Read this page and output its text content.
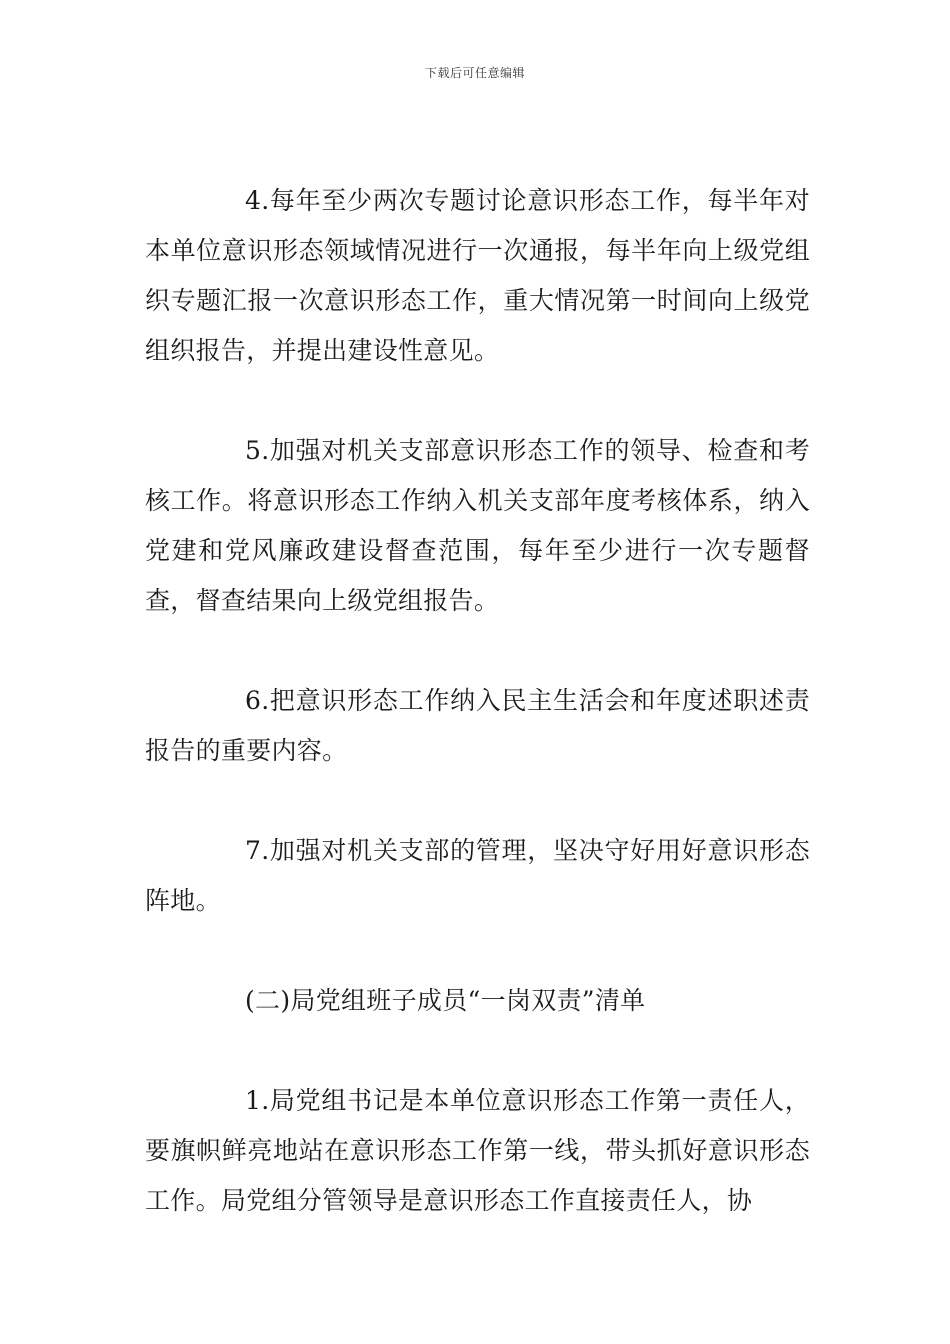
下载后可任意编辑

4.每年至少两次专题讨论意识形态工作，每半年对本单位意识形态领域情况进行一次通报，每半年向上级党组织专题汇报一次意识形态工作，重大情况第一时间向上级党组织报告，并提出建设性意见。

5.加强对机关支部意识形态工作的领导、检查和考核工作。将意识形态工作纳入机关支部年度考核体系，纳入党建和党风廉政建设督查范围，每年至少进行一次专题督查，督查结果向上级党组报告。

6.把意识形态工作纳入民主生活会和年度述职述责报告的重要内容。

7.加强对机关支部的管理，坚决守好用好意识形态阵地。

(二)局党组班子成员“一岗双责”清单

1.局党组书记是本单位意识形态工作第一责任人，要旗帜鲜亮地站在意识形态工作第一线，带头抓好意识形态工作。局党组分管领导是意识形态工作直接责任人，协
